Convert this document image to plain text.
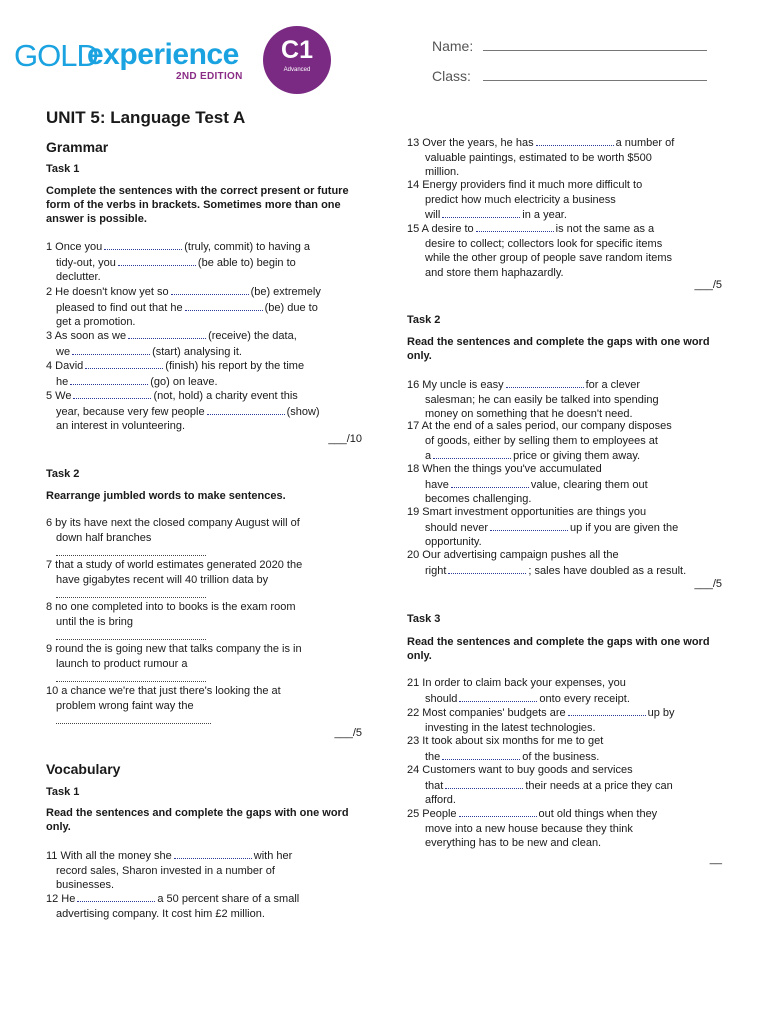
GOLD
experience
2ND EDITION
C1
Advanced
Name:
Class:
UNIT 5: Language Test A
Grammar
Task 1
Complete the sentences with the correct present or future form of the verbs in brackets. Sometimes more than one answer is possible.
1 Once you	(truly, commit) to having a
tidy-out, you	(be able to) begin to
declutter.
2 He doesn't know yet so	(be) extremely
pleased to find out that he	(be) due to
get a promotion.
3 As soon as we	(receive) the data,
we	(start) analysing it.
4 David	(finish) his report by the time
he	(go) on leave.
5 We	(not, hold) a charity event this
year, because very few people	(show)
an interest in volunteering.
___/10
Task 2
Rearrange jumbled words to make sentences.
6 by its have next the closed company August will of
down half branches

7 that a study of world estimates generated 2020 the
have gigabytes recent will 40 trillion data by

8 no one completed into to books is the exam room
until the is bring

9 round the is going new that talks company the is in
launch to product rumour a

10 a chance we're that just there's looking the at
problem wrong faint way the

___/5
Vocabulary
Task 1
Read the sentences and complete the gaps with one word only.
11 With all the money she	with her
record sales, Sharon invested in a number of
businesses.
12 He	a 50 percent share of a small
advertising company. It cost him £2 million.
13 Over the years, he has	a number of
valuable paintings, estimated to be worth $500
million.
14 Energy providers find it much more difficult to
predict how much electricity a business
will	in a year.
15 A desire to	is not the same as a
desire to collect; collectors look for specific items
while the other group of people save random items
and store them haphazardly.
___/5
Task 2
Read the sentences and complete the gaps with one word only.
16 My uncle is easy	for a clever
salesman; he can easily be talked into spending
money on something that he doesn't need.
17 At the end of a sales period, our company disposes
of goods, either by selling them to employees at
a	price or giving them away.
18 When the things you've accumulated
have	value, clearing them out
becomes challenging.
19 Smart investment opportunities are things you
should never	up if you are given the
opportunity.
20 Our advertising campaign pushes all the
right	; sales have doubled as a result.
___/5
Task 3
Read the sentences and complete the gaps with one word only.
21 In order to claim back your expenses, you
should	onto every receipt.
22 Most companies' budgets are	up by
investing in the latest technologies.
23 It took about six months for me to get
the	of the business.
24 Customers want to buy goods and services
that	their needs at a price they can
afford.
25 People	out old things when they
move into a new house because they think
everything has to be new and clean.
__
